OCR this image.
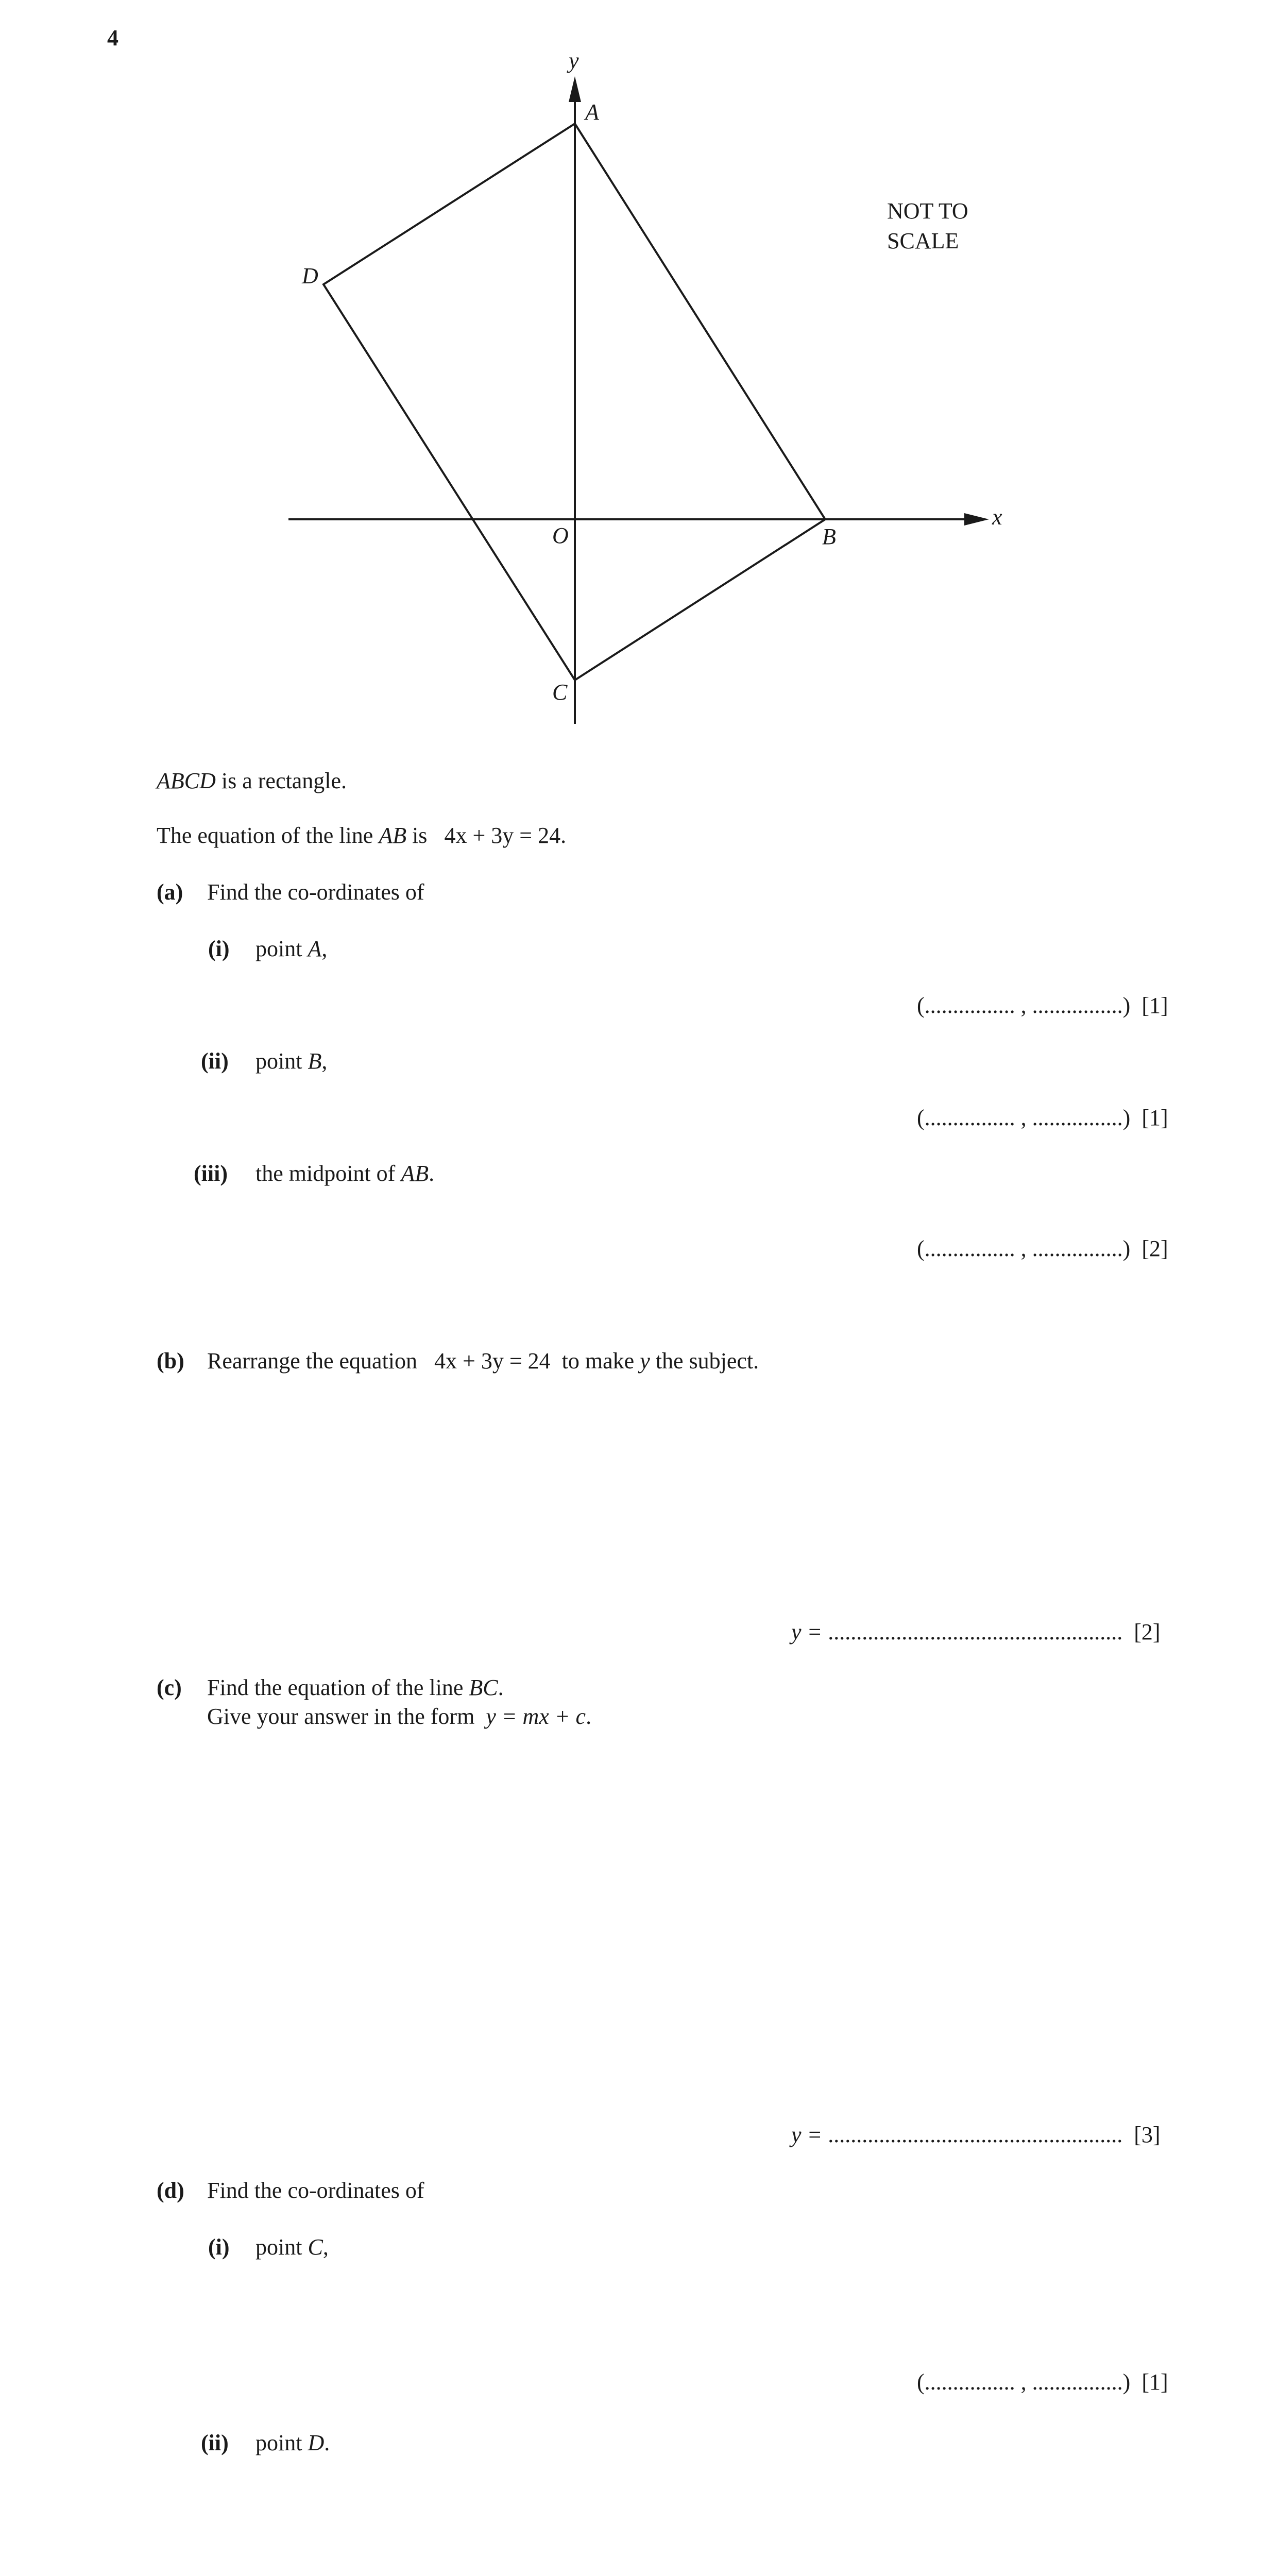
4
y
x
O
A
B
C
D
NOT TO
SCALE
ABCD is a rectangle.
The equation of the line AB is 4x + 3y = 24.
(a) Find the co-ordinates of
(i) point A,
(................ , ................) [1]
(ii) point B,
(................ , ................) [1]
(iii) the midpoint of AB.
(................ , ................) [2]
(b) Rearrange the equation 4x + 3y = 24 to make y the subject.
y = .................................................... [2]
(c) Find the equation of the line BC.
Give your answer in the form y = mx + c.
y = .................................................... [3]
(d) Find the co-ordinates of
(i) point C,
(................ , ................) [1]
(ii) point D.
